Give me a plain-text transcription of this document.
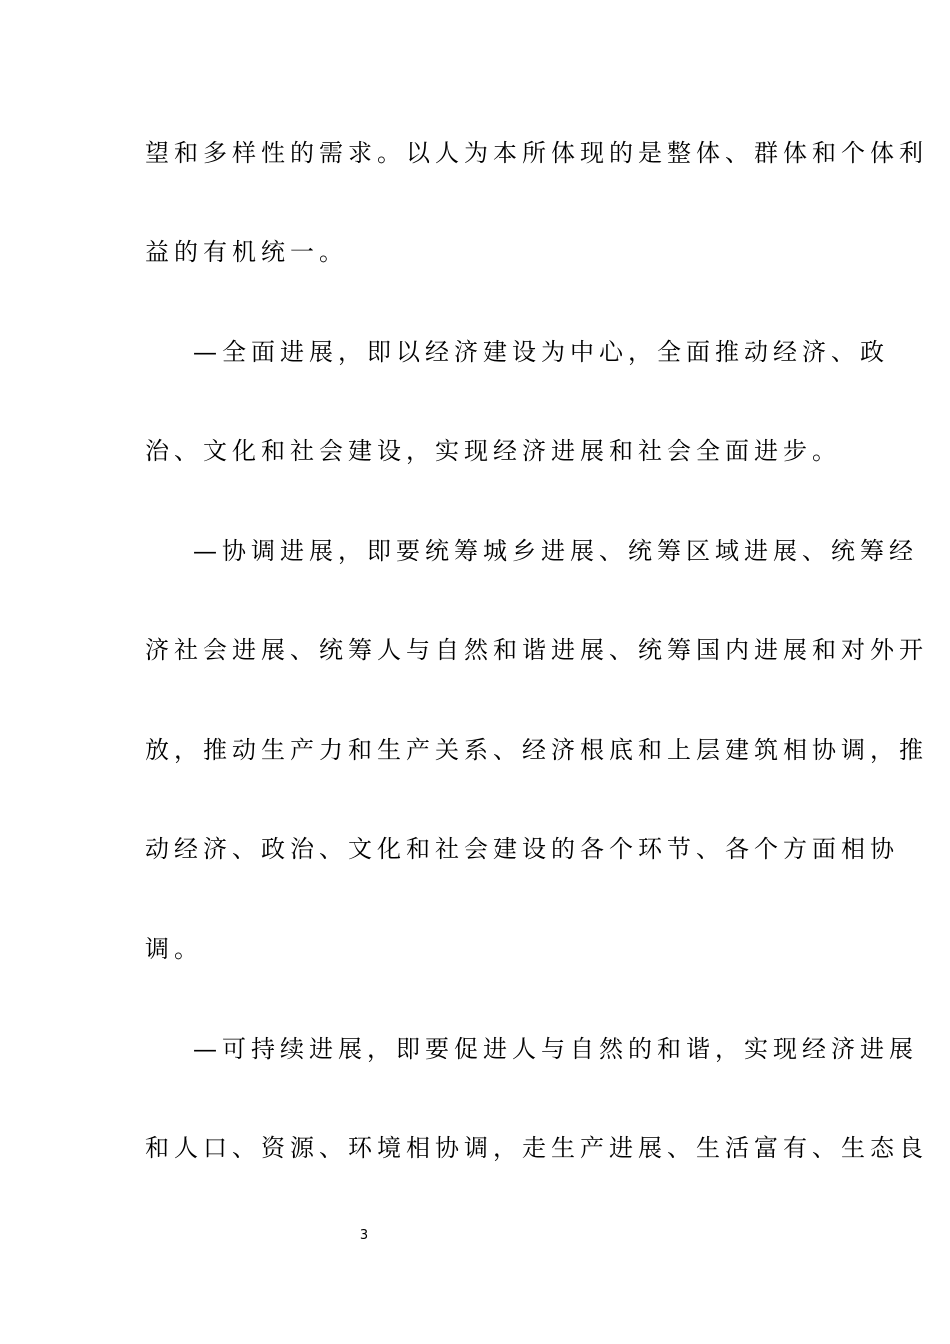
望和多样性的需求。以人为本所体现的是整体、群体和个体利
益的有机统一。
—全面进展，即以经济建设为中心，全面推动经济、政
治、文化和社会建设，实现经济进展和社会全面进步。
—协调进展，即要统筹城乡进展、统筹区域进展、统筹经
济社会进展、统筹人与自然和谐进展、统筹国内进展和对外开
放，推动生产力和生产关系、经济根底和上层建筑相协调，推
动经济、政治、文化和社会建设的各个环节、各个方面相协
调。
—可持续进展，即要促进人与自然的和谐，实现经济进展
和人口、资源、环境相协调，走生产进展、生活富有、生态良
3
